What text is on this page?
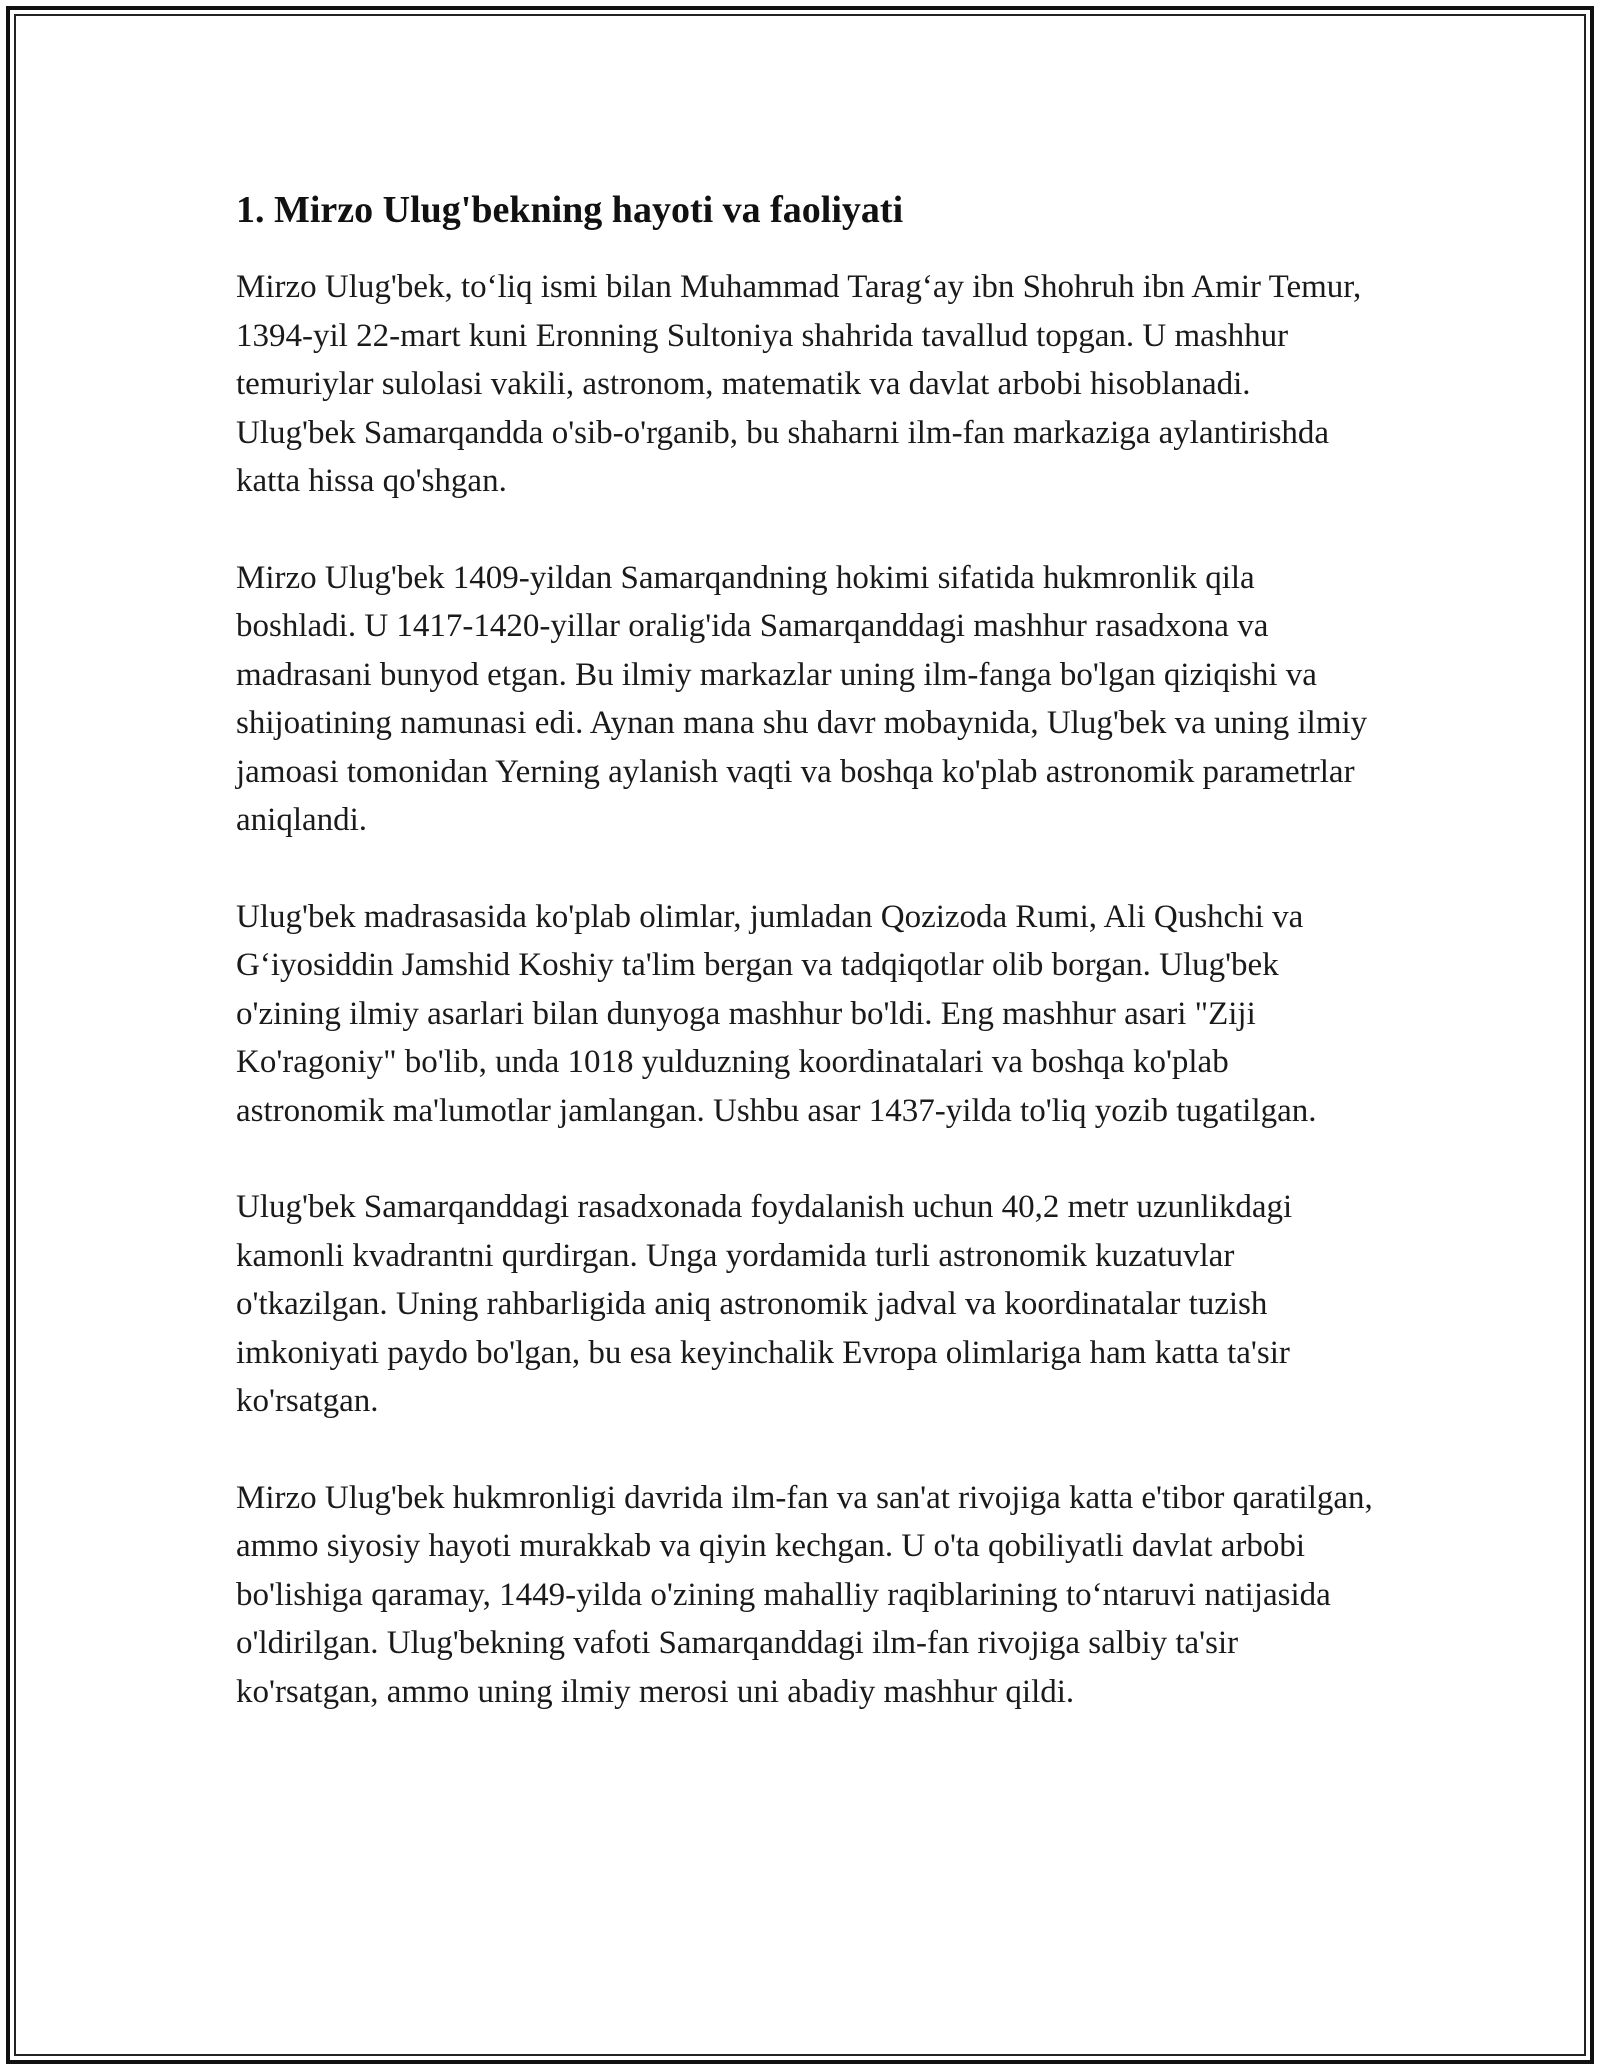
1. Mirzo Ulug'bekning hayoti va faoliyati

Mirzo Ulug'bek, to‘liq ismi bilan Muhammad Tarag‘ay ibn Shohruh ibn Amir Temur, 1394-yil 22-mart kuni Eronning Sultoniya shahrida tavallud topgan. U mashhur temuriylar sulolasi vakili, astronom, matematik va davlat arbobi hisoblanadi. Ulug'bek Samarqandda o'sib-o'rganib, bu shaharni ilm-fan markaziga aylantirishda katta hissa qo'shgan.

Mirzo Ulug'bek 1409-yildan Samarqandning hokimi sifatida hukmronlik qila boshladi. U 1417-1420-yillar oralig'ida Samarqanddagi mashhur rasadxona va madrasani bunyod etgan. Bu ilmiy markazlar uning ilm-fanga bo'lgan qiziqishi va shijoatining namunasi edi. Aynan mana shu davr mobaynida, Ulug'bek va uning ilmiy jamoasi tomonidan Yerning aylanish vaqti va boshqa ko'plab astronomik parametrlar aniqlandi.

Ulug'bek madrasasida ko'plab olimlar, jumladan Qozizoda Rumi, Ali Qushchi va G‘iyosiddin Jamshid Koshiy ta'lim bergan va tadqiqotlar olib borgan. Ulug'bek o'zining ilmiy asarlari bilan dunyoga mashhur bo'ldi. Eng mashhur asari "Ziji Ko'ragoniy" bo'lib, unda 1018 yulduzning koordinatalari va boshqa ko'plab astronomik ma'lumotlar jamlangan. Ushbu asar 1437-yilda to'liq yozib tugatilgan.

Ulug'bek Samarqanddagi rasadxonada foydalanish uchun 40,2 metr uzunlikdagi kamonli kvadrantni qurdirgan. Unga yordamida turli astronomik kuzatuvlar o'tkazilgan. Uning rahbarligida aniq astronomik jadval va koordinatalar tuzish imkoniyati paydo bo'lgan, bu esa keyinchalik Evropa olimlariga ham katta ta'sir ko'rsatgan.

Mirzo Ulug'bek hukmronligi davrida ilm-fan va san'at rivojiga katta e'tibor qaratilgan, ammo siyosiy hayoti murakkab va qiyin kechgan. U o'ta qobiliyatli davlat arbobi bo'lishiga qaramay, 1449-yilda o'zining mahalliy raqiblarining to‘ntaruvi natijasida o'ldirilgan. Ulug'bekning vafoti Samarqanddagi ilm-fan rivojiga salbiy ta'sir ko'rsatgan, ammo uning ilmiy merosi uni abadiy mashhur qildi.
